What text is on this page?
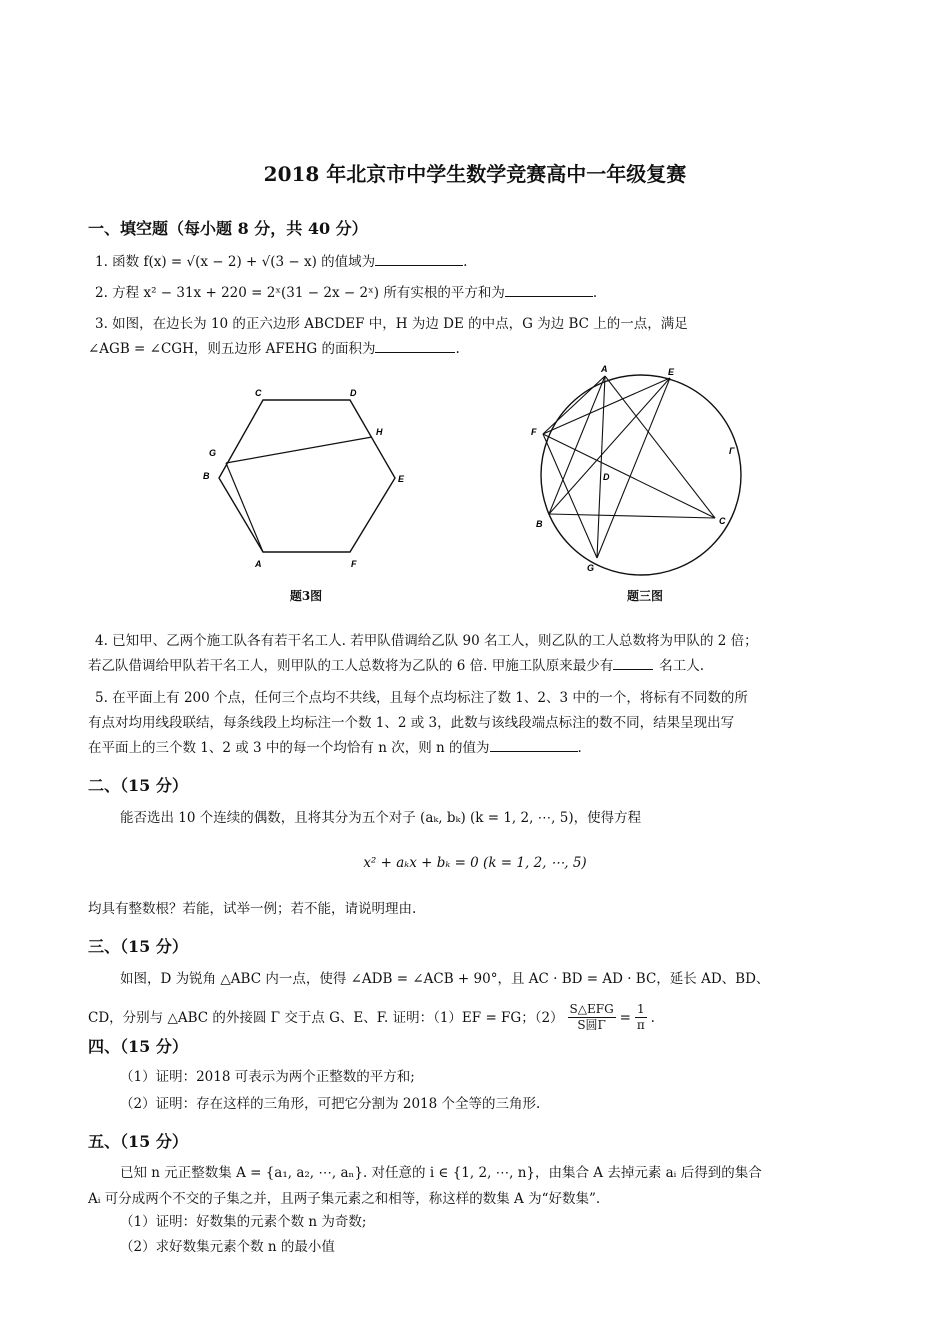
2018 年北京市中学生数学竞赛高中一年级复赛
一、填空题（每小题 8 分，共 40 分）
1. 函数 f(x) = √(x − 2) + √(3 − x) 的值域为	.
2. 方程 x² − 31x + 220 = 2ˣ(31 − 2x − 2ˣ) 所有实根的平方和为	.
3. 如图，在边长为 10 的正六边形 ABCDEF 中，H 为边 DE 的中点，G 为边 BC 上的一点，满足
∠AGB = ∠CGH，则五边形 AFEHG 的面积为	.
C	D
H
G
B	E
A	F
题3图
A	E
F
Γ
D
B	C
G
题三图
4. 已知甲、乙两个施工队各有若干名工人. 若甲队借调给乙队 90 名工人，则乙队的工人总数将为甲队的 2 倍；
若乙队借调给甲队若干名工人，则甲队的工人总数将为乙队的 6 倍. 甲施工队原来最少有	名工人.
5. 在平面上有 200 个点，任何三个点均不共线，且每个点均标注了数 1、2、3 中的一个，将标有不同数的所
有点对均用线段联结，每条线段上均标注一个数 1、2 或 3，此数与该线段端点标注的数不同，结果呈现出写
在平面上的三个数 1、2 或 3 中的每一个均恰有 n 次，则 n 的值为	.
二、（15 分）
能否选出 10 个连续的偶数，且将其分为五个对子 (aₖ, bₖ) (k = 1, 2, ⋯, 5)，使得方程
x² + aₖx + bₖ = 0 (k = 1, 2, ⋯, 5)
均具有整数根？若能，试举一例；若不能，请说明理由.
三、（15 分）
如图，D 为锐角 △ABC 内一点，使得 ∠ADB = ∠ACB + 90°，且 AC · BD = AD · BC，延长 AD、BD、
CD，分别与 △ABC 的外接圆 Γ 交于点 G、E、F. 证明：（1）EF = FG；（2）
S△EFG
S圆$\Gamma = \frac{1}{\pi}$ .
四、（15 分）
（1）证明：2018 可表示为两个正整数的平方和;
（2）证明：存在这样的三角形，可把它分割为 2018 个全等的三角形.
五、（15 分）
已知 n 元正整数集 A = {a₁, a₂, ⋯, aₙ}. 对任意的 i ∈ {1, 2, ⋯, n}，由集合 A 去掉元素 aᵢ 后得到的集合
Aᵢ 可分成两个不交的子集之并，且两子集元素之和相等，称这样的数集 A 为“好数集”.
（1）证明：好数集的元素个数 n 为奇数;
（2）求好数集元素个数 n 的最小值
